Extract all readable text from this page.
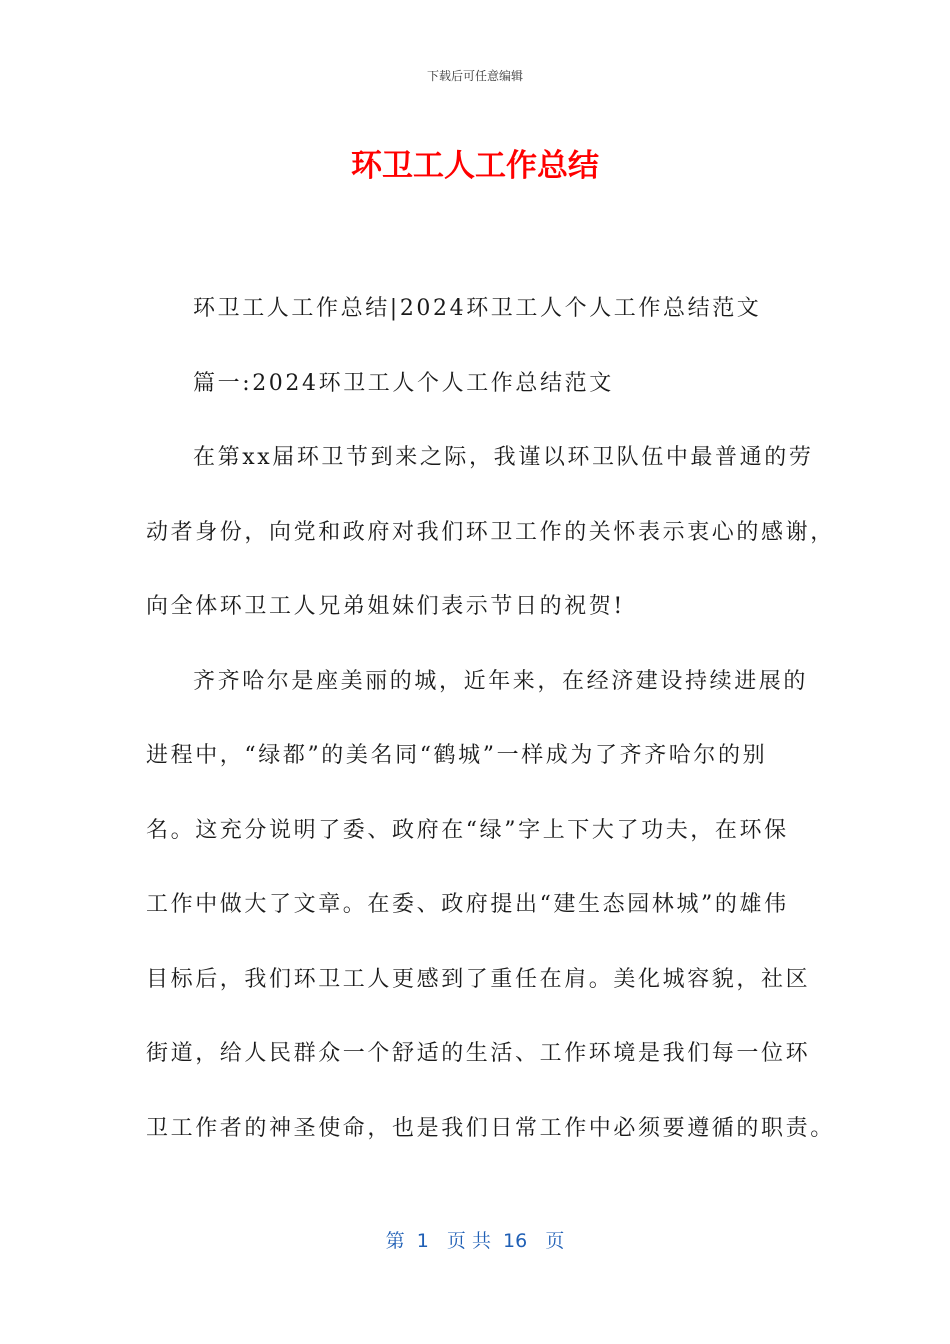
下载后可任意编辑
环卫工人工作总结
环卫工人工作总结|2024环卫工人个人工作总结范文
篇一:2024环卫工人个人工作总结范文
在第xx届环卫节到来之际，我谨以环卫队伍中最普通的劳
动者身份，向党和政府对我们环卫工作的关怀表示衷心的感谢，
向全体环卫工人兄弟姐妹们表示节日的祝贺!
齐齐哈尔是座美丽的城，近年来，在经济建设持续进展的
进程中，“绿都”的美名同“鹤城”一样成为了齐齐哈尔的别
名。这充分说明了委、政府在“绿”字上下大了功夫，在环保
工作中做大了文章。在委、政府提出“建生态园林城”的雄伟
目标后，我们环卫工人更感到了重任在肩。美化城容貌，社区
街道，给人民群众一个舒适的生活、工作环境是我们每一位环
卫工作者的神圣使命，也是我们日常工作中必须要遵循的职责。
第  1   页 共  16   页
